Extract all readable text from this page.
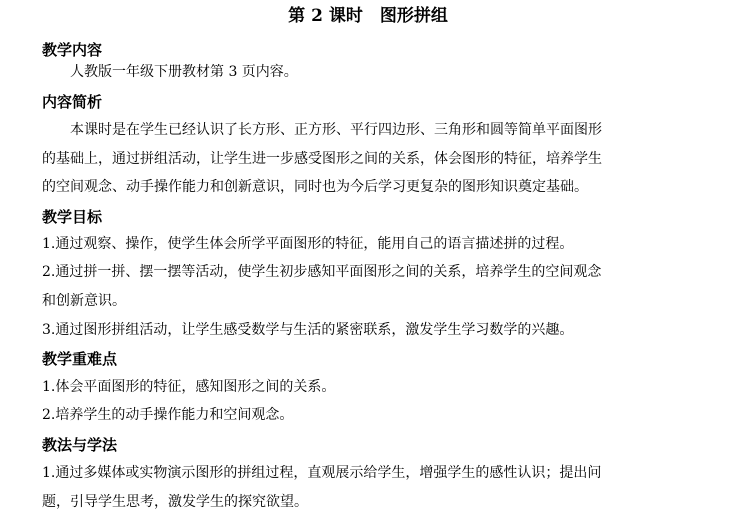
第 2 课时　图形拼组
教学内容
人教版一年级下册教材第 3 页内容。
内容简析
本课时是在学生已经认识了长方形、正方形、平行四边形、三角形和圆等简单平面图形
的基础上，通过拼组活动，让学生进一步感受图形之间的关系，体会图形的特征，培养学生
的空间观念、动手操作能力和创新意识，同时也为今后学习更复杂的图形知识奠定基础。
教学目标
1.通过观察、操作，使学生体会所学平面图形的特征，能用自己的语言描述拼的过程。
2.通过拼一拼、摆一摆等活动，使学生初步感知平面图形之间的关系，培养学生的空间观念
和创新意识。
3.通过图形拼组活动，让学生感受数学与生活的紧密联系，激发学生学习数学的兴趣。
教学重难点
1.体会平面图形的特征，感知图形之间的关系。
2.培养学生的动手操作能力和空间观念。
教法与学法
1.通过多媒体或实物演示图形的拼组过程，直观展示给学生，增强学生的感性认识；提出问
题，引导学生思考，激发学生的探究欲望。
